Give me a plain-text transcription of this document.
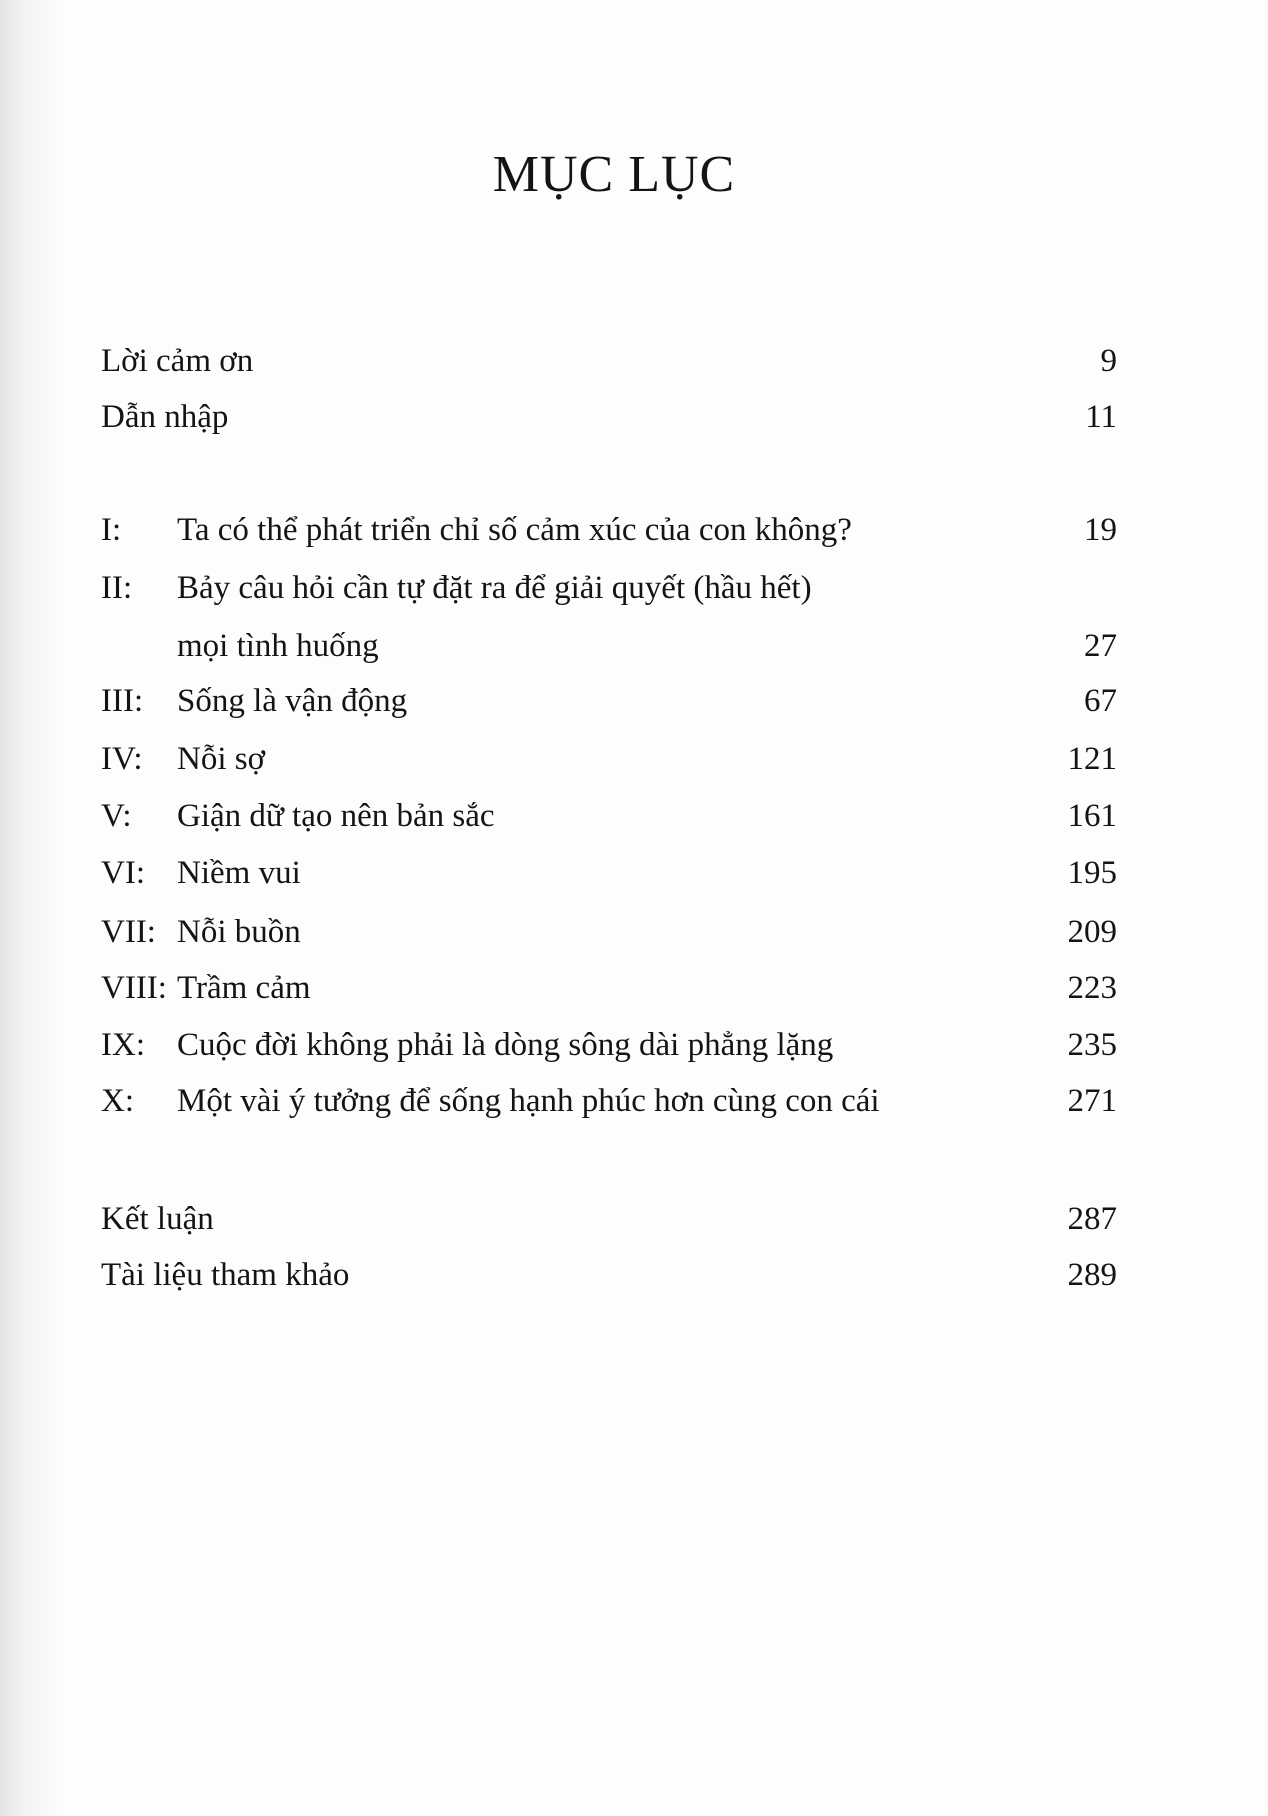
MỤC LỤC
Lời cảm ơn	9
Dẫn nhập	11
I: Ta có thể phát triển chỉ số cảm xúc của con không?	19
II: Bảy câu hỏi cần tự đặt ra để giải quyết (hầu hết)
mọi tình huống	27
III: Sống là vận động	67
IV: Nỗi sợ	121
V: Giận dữ tạo nên bản sắc	161
VI: Niềm vui	195
VII: Nỗi buồn	209
VIII: Trầm cảm	223
IX: Cuộc đời không phải là dòng sông dài phẳng lặng	235
X: Một vài ý tưởng để sống hạnh phúc hơn cùng con cái	271
Kết luận	287
Tài liệu tham khảo	289
